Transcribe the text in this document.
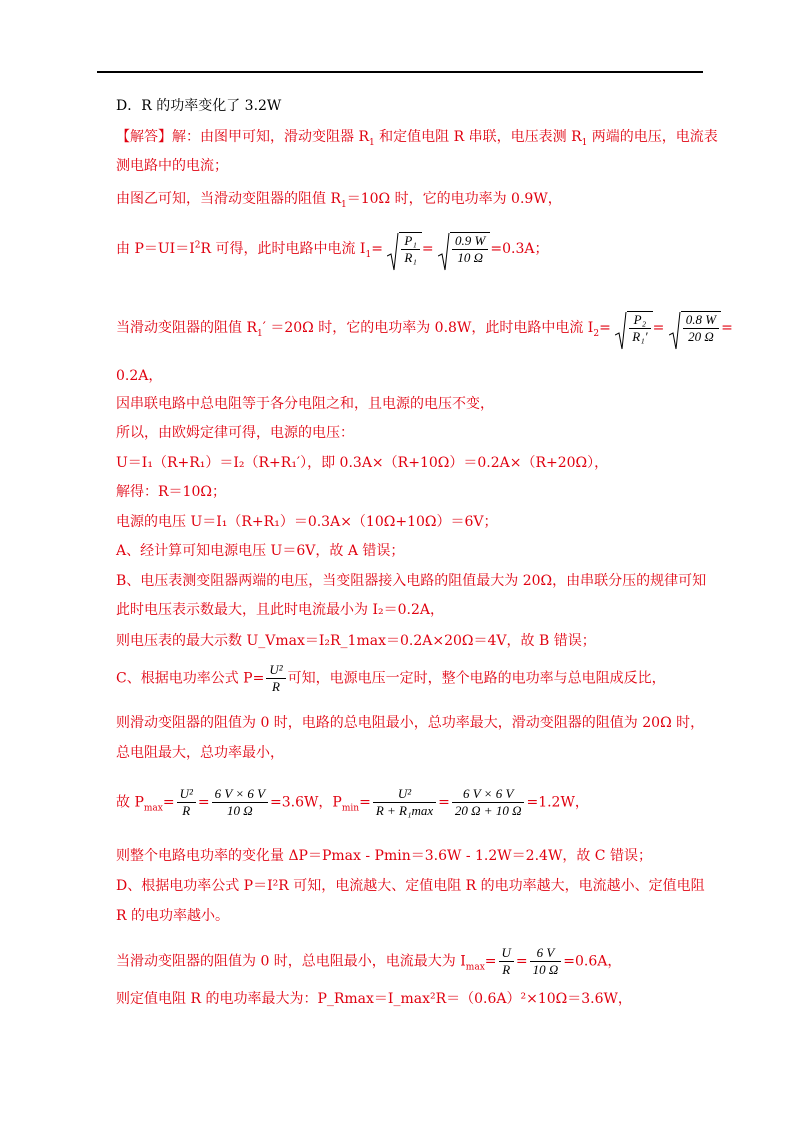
D．R 的功率变化了 3.2W
【解答】解：由图甲可知，滑动变阻器 $R_1$ 和定值电阻 R 串联，电压表测 $R_1$ 两端的电压，电流表
测电路中的电流；
由图乙可知，当滑动变阻器的阻值 $R_1=10\Omega$ 时，它的电功率为 0.9W，
由 $P=UI=I^2R$ 可得，此时电路中电流 $I_1= \frac{\text{P₁}}{\text{R₁}} = \frac{0.9 W}{10 \Omega} =0.3A$；
当滑动变阻器的阻值 $R_1' =20\Omega$ 时，它的电功率为 0.8W，此时电路中电流 $I_2= \frac{\text{P₂}}{\text{R₁′}} = \frac{0.8 W}{20 \Omega}$ =
0.2A，
因串联电路中总电阻等于各分电阻之和，且电源的电压不变，
所以，由欧姆定律可得，电源的电压：
U＝I₁（R+R₁）＝I₂（R+R₁′），即 0.3A×（R+10Ω）＝0.2A×（R+20Ω），
解得：R＝10Ω；
电源的电压 U＝I₁（R+R₁）＝0.3A×（10Ω+10Ω）＝6V；
A、经计算可知电源电压 U＝6V，故 A 错误；
B、电压表测变阻器两端的电压，当变阻器接入电路的阻值最大为 20Ω，由串联分压的规律可知
此时电压表示数最大，且此时电流最小为 I₂＝0.2A，
则电压表的最大示数 U_Vmax＝I₂R_1max＝0.2A×20Ω＝4V，故 B 错误；
C、根据电功率公式 $P= \frac{\text{U²}}{R}$ 可知，电源电压一定时，整个电路的电功率与总电阻成反比，
则滑动变阻器的阻值为 0 时，电路的总电阻最小，总功率最大，滑动变阻器的阻值为 20Ω 时，
总电阻最大，总功率最小，
故 $P_{max}= \frac{\text{U²}}{R} = \frac{6 V \times 6 V}{10 \Omega} =3.6W$，$P_{min}= \frac{\text{U²}}{\text{R + R₁max}} = \frac{6 V \times 6 V}{20 \Omega + 10 \Omega} =1.2W$，
则整个电路电功率的变化量 ΔP＝Pmax - Pmin＝3.6W - 1.2W＝2.4W，故 C 错误；
D、根据电功率公式 P＝I²R 可知，电流越大、定值电阻 R 的电功率越大，电流越小、定值电阻
R 的电功率越小。
当滑动变阻器的阻值为 0 时，总电阻最小，电流最大为 $I_{max}= \frac{U}{R} = \frac{6 V}{10 \Omega} =0.6A$，
则定值电阻 R 的电功率最大为：P_Rmax＝I_max²R＝（0.6A）²×10Ω＝3.6W，
